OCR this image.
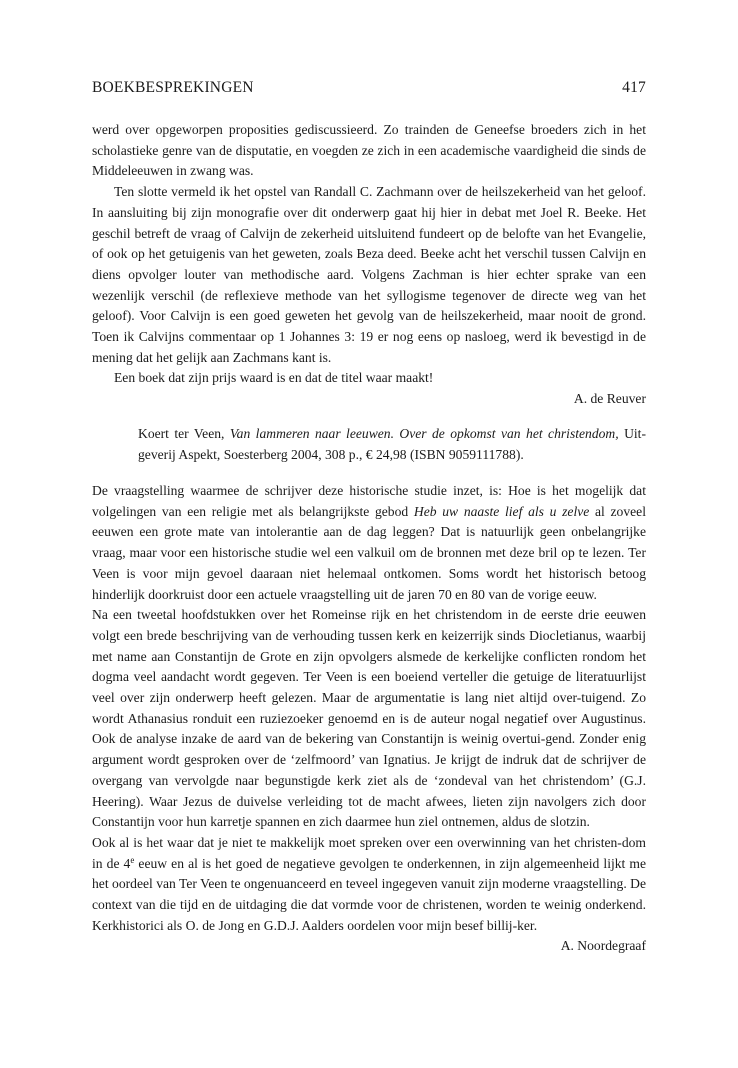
BOEKBESPREKINGEN	417

werd over opgeworpen proposities gediscussieerd. Zo trainden de Geneefse broeders zich in het scholastieke genre van de disputatie, en voegden ze zich in een academische vaardigheid die sinds de Middeleeuwen in zwang was.

Ten slotte vermeld ik het opstel van Randall C. Zachmann over de heilszekerheid van het geloof. In aansluiting bij zijn monografie over dit onderwerp gaat hij hier in debat met Joel R. Beeke. Het geschil betreft de vraag of Calvijn de zekerheid uitsluitend fundeert op de belofte van het Evangelie, of ook op het getuigenis van het geweten, zoals Beza deed. Beeke acht het verschil tussen Calvijn en diens opvolger louter van methodische aard. Volgens Zachman is hier echter sprake van een wezenlijk verschil (de reflexieve methode van het syllogisme tegenover de directe weg van het geloof). Voor Calvijn is een goed geweten het gevolg van de heilszekerheid, maar nooit de grond. Toen ik Calvijns commentaar op 1 Johannes 3: 19 er nog eens op nasloeg, werd ik bevestigd in de mening dat het gelijk aan Zachmans kant is.

Een boek dat zijn prijs waard is en dat de titel waar maakt!

A. de Reuver

Koert ter Veen, Van lammeren naar leeuwen. Over de opkomst van het christendom, Uit-geverij Aspekt, Soesterberg 2004, 308 p., € 24,98 (ISBN 9059111788).

De vraagstelling waarmee de schrijver deze historische studie inzet, is: Hoe is het mogelijk dat volgelingen van een religie met als belangrijkste gebod Heb uw naaste lief als u zelve al zoveel eeuwen een grote mate van intolerantie aan de dag leggen? Dat is natuurlijk geen onbelangrijke vraag, maar voor een historische studie wel een valkuil om de bronnen met deze bril op te lezen. Ter Veen is voor mijn gevoel daaraan niet helemaal ontkomen. Soms wordt het historisch betoog hinderlijk doorkruist door een actuele vraagstelling uit de jaren 70 en 80 van de vorige eeuw.

Na een tweetal hoofdstukken over het Romeinse rijk en het christendom in de eerste drie eeuwen volgt een brede beschrijving van de verhouding tussen kerk en keizerrijk sinds Diocletianus, waarbij met name aan Constantijn de Grote en zijn opvolgers alsmede de kerkelijke conflicten rondom het dogma veel aandacht wordt gegeven. Ter Veen is een boeiend verteller die getuige de literatuurlijst veel over zijn onderwerp heeft gelezen. Maar de argumentatie is lang niet altijd over-tuigend. Zo wordt Athanasius ronduit een ruziezoeker genoemd en is de auteur nogal negatief over Augustinus. Ook de analyse inzake de aard van de bekering van Constantijn is weinig overtui-gend. Zonder enig argument wordt gesproken over de ‘zelfmoord’ van Ignatius. Je krijgt de indruk dat de schrijver de overgang van vervolgde naar begunstigde kerk ziet als de ‘zondeval van het christendom’ (G.J. Heering). Waar Jezus de duivelse verleiding tot de macht afwees, lieten zijn navolgers zich door Constantijn voor hun karretje spannen en zich daarmee hun ziel ontnemen, aldus de slotzin.

Ook al is het waar dat je niet te makkelijk moet spreken over een overwinning van het christen-dom in de 4e eeuw en al is het goed de negatieve gevolgen te onderkennen, in zijn algemeenheid lijkt me het oordeel van Ter Veen te ongenuanceerd en teveel ingegeven vanuit zijn moderne vraagstelling. De context van die tijd en de uitdaging die dat vormde voor de christenen, worden te weinig onderkend. Kerkhistorici als O. de Jong en G.D.J. Aalders oordelen voor mijn besef billij-ker.

A. Noordegraaf
